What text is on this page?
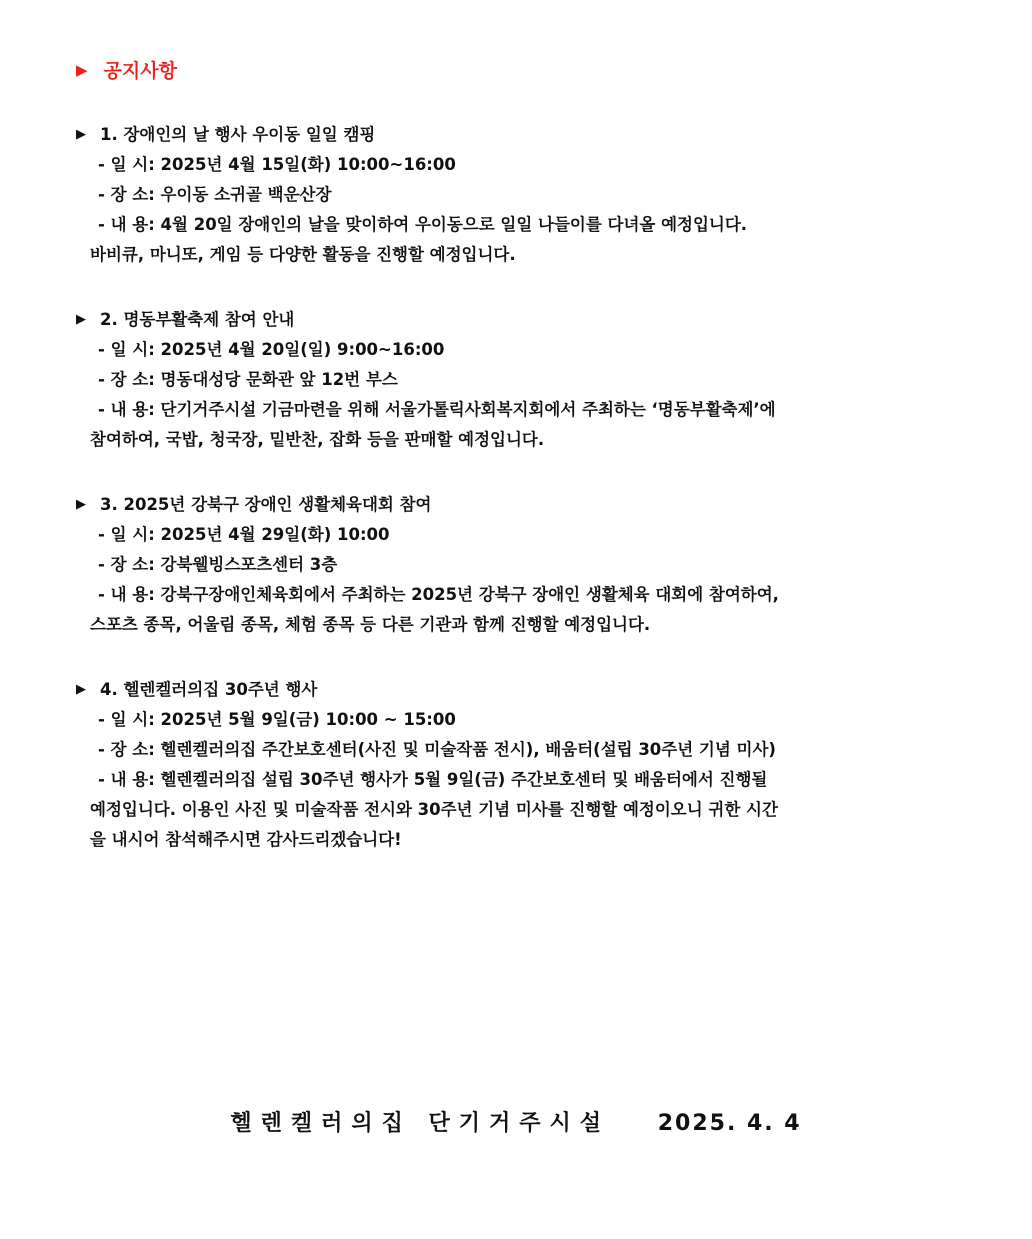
▶ 공지사항
▶ 1. 장애인의 날 행사 우이동 일일 캠핑
- 일 시: 2025년 4월 15일(화) 10:00~16:00
- 장 소: 우이동 소귀골 백운산장
- 내 용: 4월 20일 장애인의 날을 맞이하여 우이동으로 일일 나들이를 다녀올 예정입니다.
바비큐, 마니또, 게임 등 다양한 활동을 진행할 예정입니다.
▶ 2. 명동부활축제 참여 안내
- 일 시: 2025년 4월 20일(일) 9:00~16:00
- 장 소: 명동대성당 문화관 앞 12번 부스
- 내 용: 단기거주시설 기금마련을 위해 서울가톨릭사회복지회에서 주최하는 ‘명동부활축제’에
참여하여, 국밥, 청국장, 밑반찬, 잡화 등을 판매할 예정입니다.
▶ 3. 2025년 강북구 장애인 생활체육대회 참여
- 일 시: 2025년 4월 29일(화) 10:00
- 장 소: 강북웰빙스포츠센터 3층
- 내 용: 강북구장애인체육회에서 주최하는 2025년 강북구 장애인 생활체육 대회에 참여하여,
스포츠 종목, 어울림 종목, 체험 종목 등 다른 기관과 함께 진행할 예정입니다.
▶ 4. 헬렌켈러의집 30주년 행사
- 일 시: 2025년 5월 9일(금) 10:00 ~ 15:00
- 장 소: 헬렌켈러의집 주간보호센터(사진 및 미술작품 전시), 배움터(설립 30주년 기념 미사)
- 내 용: 헬렌켈러의집 설립 30주년 행사가 5월 9일(금) 주간보호센터 및 배움터에서 진행될
예정입니다. 이용인 사진 및 미술작품 전시와 30주년 기념 미사를 진행할 예정이오니 귀한 시간
을 내시어 참석해주시면 감사드리겠습니다!
헬렌켈러의집 단기거주시설 2025. 4. 4
